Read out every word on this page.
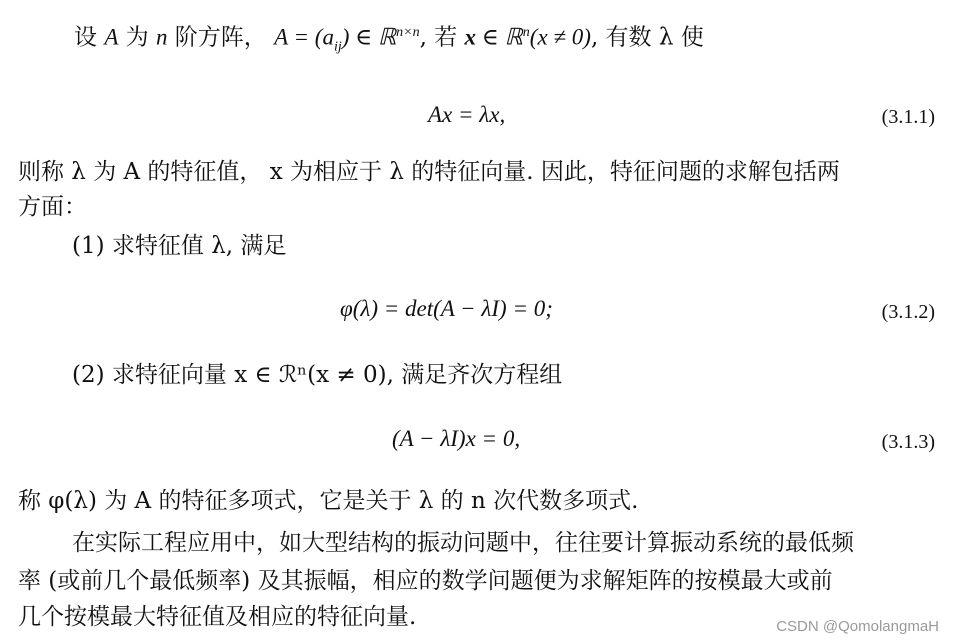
设 A 为 n 阶方阵， $A = (a_{ij})$ ∈ ℝ$^{n\times n}$, 若 x ∈ ℝ$^n$(x ≠ 0), 有数 λ 使
Ax = λx,	(3.1.1)
则称 λ 为 A 的特征值， x 为相应于 λ 的特征向量. 因此，特征问题的求解包括两
方面：
(1) 求特征值 λ, 满足
φ(λ) = det(A − λI) = 0;	(3.1.2)
(2) 求特征向量 x ∈ ℛⁿ(x ≠ 0), 满足齐次方程组
(A − λI)x = 0,	(3.1.3)
称 φ(λ) 为 A 的特征多项式，它是关于 λ 的 n 次代数多项式.
在实际工程应用中，如大型结构的振动问题中，往往要计算振动系统的最低频
率 (或前几个最低频率) 及其振幅，相应的数学问题便为求解矩阵的按模最大或前
几个按模最大特征值及相应的特征向量.	CSDN @QomolangmaH
